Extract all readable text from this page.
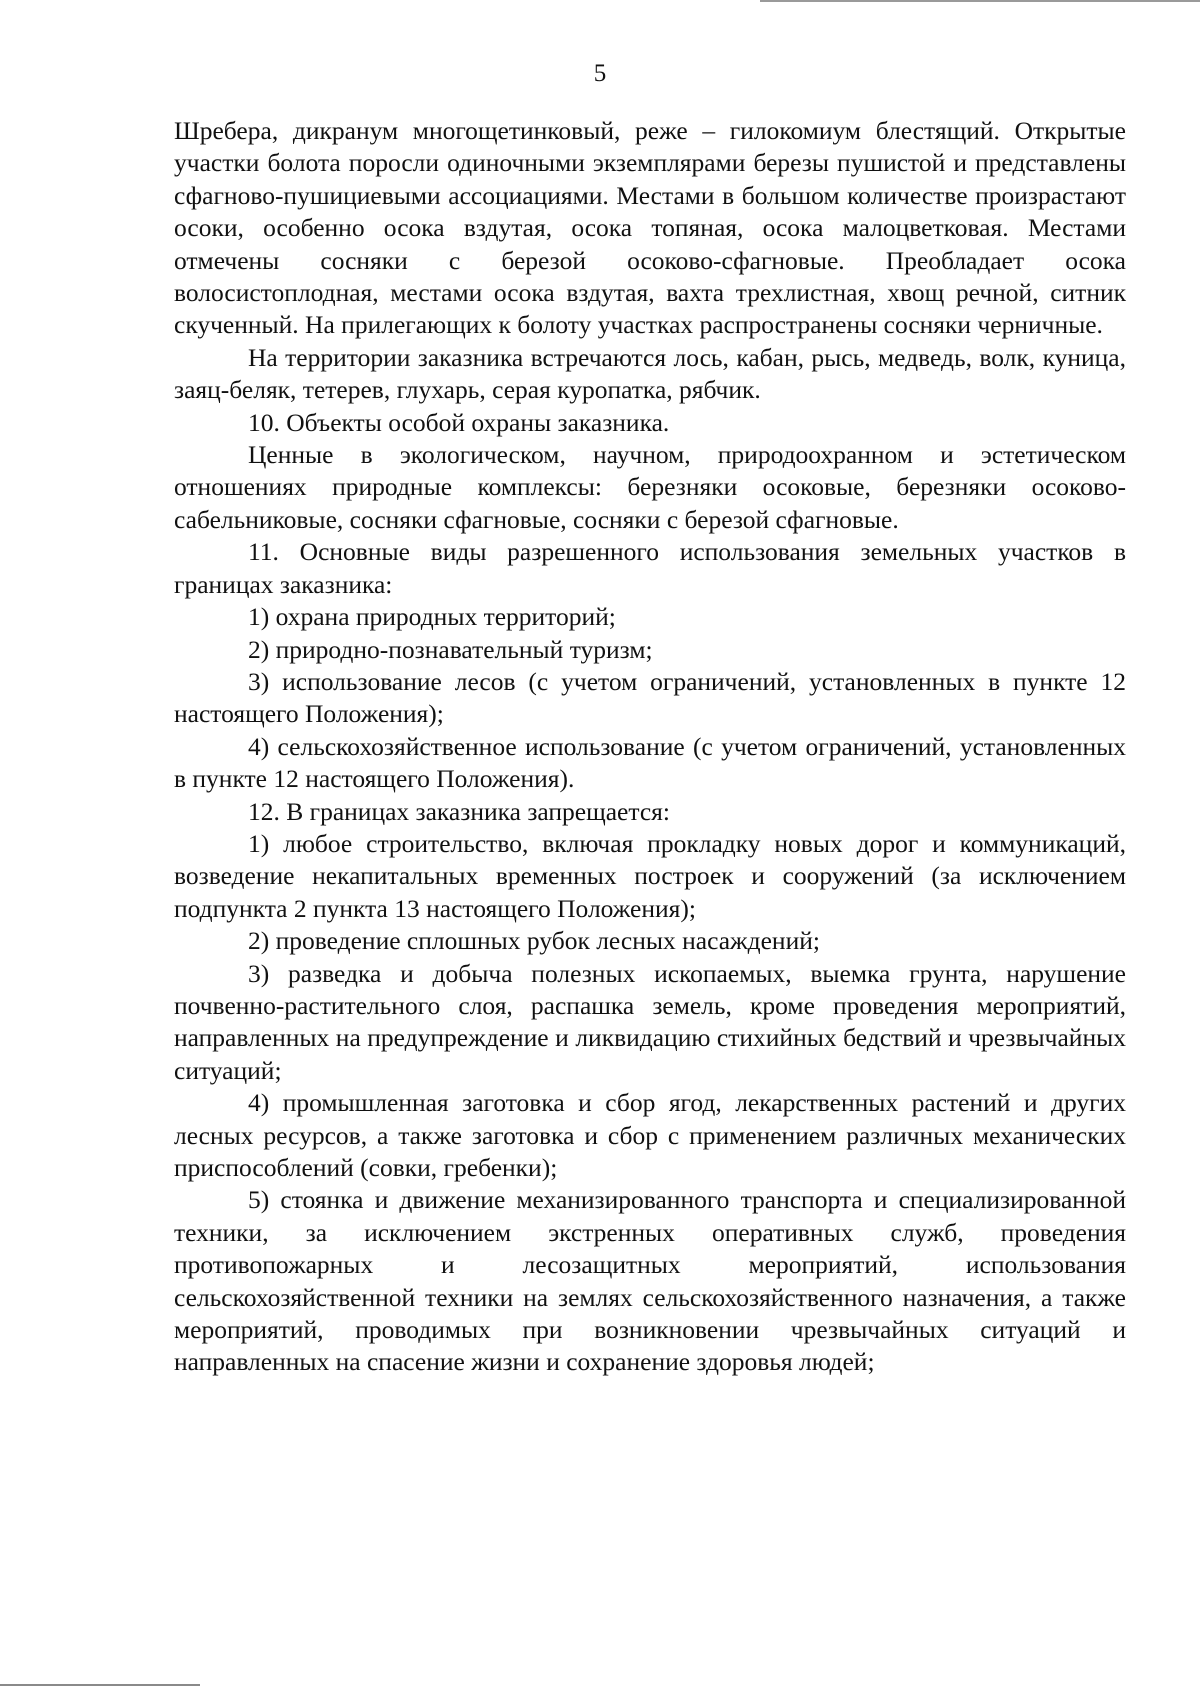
5

Шребера, дикранум многощетинковый, реже – гилокомиум блестящий. Открытые участки болота поросли одиночными экземплярами березы пушистой и представлены сфагново-пушициевыми ассоциациями. Местами в большом количестве произрастают осоки, особенно осока вздутая, осока топяная, осока малоцветковая. Местами отмечены сосняки с березой осоково-сфагновые. Преобладает осока волосистоплодная, местами осока вздутая, вахта трехлистная, хвощ речной, ситник скученный. На прилегающих к болоту участках распространены сосняки черничные.

На территории заказника встречаются лось, кабан, рысь, медведь, волк, куница, заяц-беляк, тетерев, глухарь, серая куропатка, рябчик.

10. Объекты особой охраны заказника.

Ценные в экологическом, научном, природоохранном и эстетическом отношениях природные комплексы: березняки осоковые, березняки осоково-сабельниковые, сосняки сфагновые, сосняки с березой сфагновые.

11. Основные виды разрешенного использования земельных участков в границах заказника:

1) охрана природных территорий;

2) природно-познавательный туризм;

3) использование лесов (с учетом ограничений, установленных в пункте 12 настоящего Положения);

4) сельскохозяйственное использование (с учетом ограничений, установленных в пункте 12 настоящего Положения).

12. В границах заказника запрещается:

1) любое строительство, включая прокладку новых дорог и коммуникаций, возведение некапитальных временных построек и сооружений (за исключением подпункта 2 пункта 13 настоящего Положения);

2) проведение сплошных рубок лесных насаждений;

3) разведка и добыча полезных ископаемых, выемка грунта, нарушение почвенно-растительного слоя, распашка земель, кроме проведения мероприятий, направленных на предупреждение и ликвидацию стихийных бедствий и чрезвычайных ситуаций;

4) промышленная заготовка и сбор ягод, лекарственных растений и других лесных ресурсов, а также заготовка и сбор с применением различных механических приспособлений (совки, гребенки);

5) стоянка и движение механизированного транспорта и специализированной техники, за исключением экстренных оперативных служб, проведения противопожарных и лесозащитных мероприятий, использования сельскохозяйственной техники на землях сельскохозяйственного назначения, а также мероприятий, проводимых при возникновении чрезвычайных ситуаций и направленных на спасение жизни и сохранение здоровья людей;
